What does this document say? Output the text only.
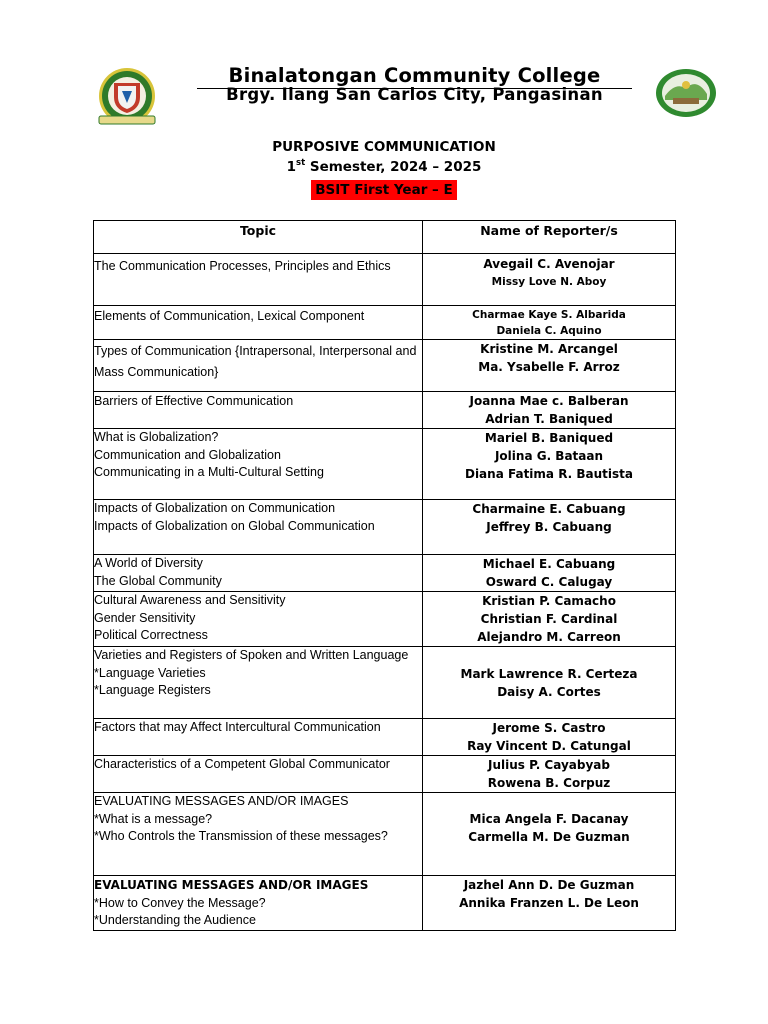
Binalatongan Community College
Brgy. Ilang San Carlos City, Pangasinan
PURPOSIVE COMMUNICATION
1st Semester, 2024 – 2025
BSIT First Year – E
Topic	Name of Reporter/s
The Communication Processes, Principles and Ethics	Avegail C. Avenojar
Missy Love N. Aboy

Elements of Communication, Lexical Component	Charmae Kaye S. Albarida
Daniela C. Aquino

Types of Communication {Intrapersonal, Interpersonal and Mass Communication}	Kristine M. Arcangel
Ma. Ysabelle F. Arroz

Barriers of Effective Communication	Joanna Mae c. Balberan
Adrian T. Baniqued

What is Globalization?
Communication and Globalization
Communicating in a Multi-Cultural Setting	Mariel B. Baniqued
Jolina G. Bataan
Diana Fatima R. Bautista

Impacts of Globalization on Communication
Impacts of Globalization on Global Communication	Charmaine E. Cabuang
Jeffrey B. Cabuang

A World of Diversity
The Global Community	Michael E. Cabuang
Osward C. Calugay

Cultural Awareness and Sensitivity
Gender Sensitivity
Political Correctness	Kristian P. Camacho
Christian F. Cardinal
Alejandro M. Carreon

Varieties and Registers of Spoken and Written Language
*Language Varieties
*Language Registers	Mark Lawrence R. Certeza
Daisy A. Cortes

Factors that may Affect Intercultural Communication	Jerome S. Castro
Ray Vincent D. Catungal

Characteristics of a Competent Global Communicator	Julius P. Cayabyab
Rowena B. Corpuz

EVALUATING MESSAGES AND/OR IMAGES
*What is a message?
*Who Controls the Transmission of these messages?	Mica Angela F. Dacanay
Carmella M. De Guzman

EVALUATING MESSAGES AND/OR IMAGES
*How to Convey the Message?
*Understanding the Audience	Jazhel Ann D. De Guzman
Annika Franzen L. De Leon
